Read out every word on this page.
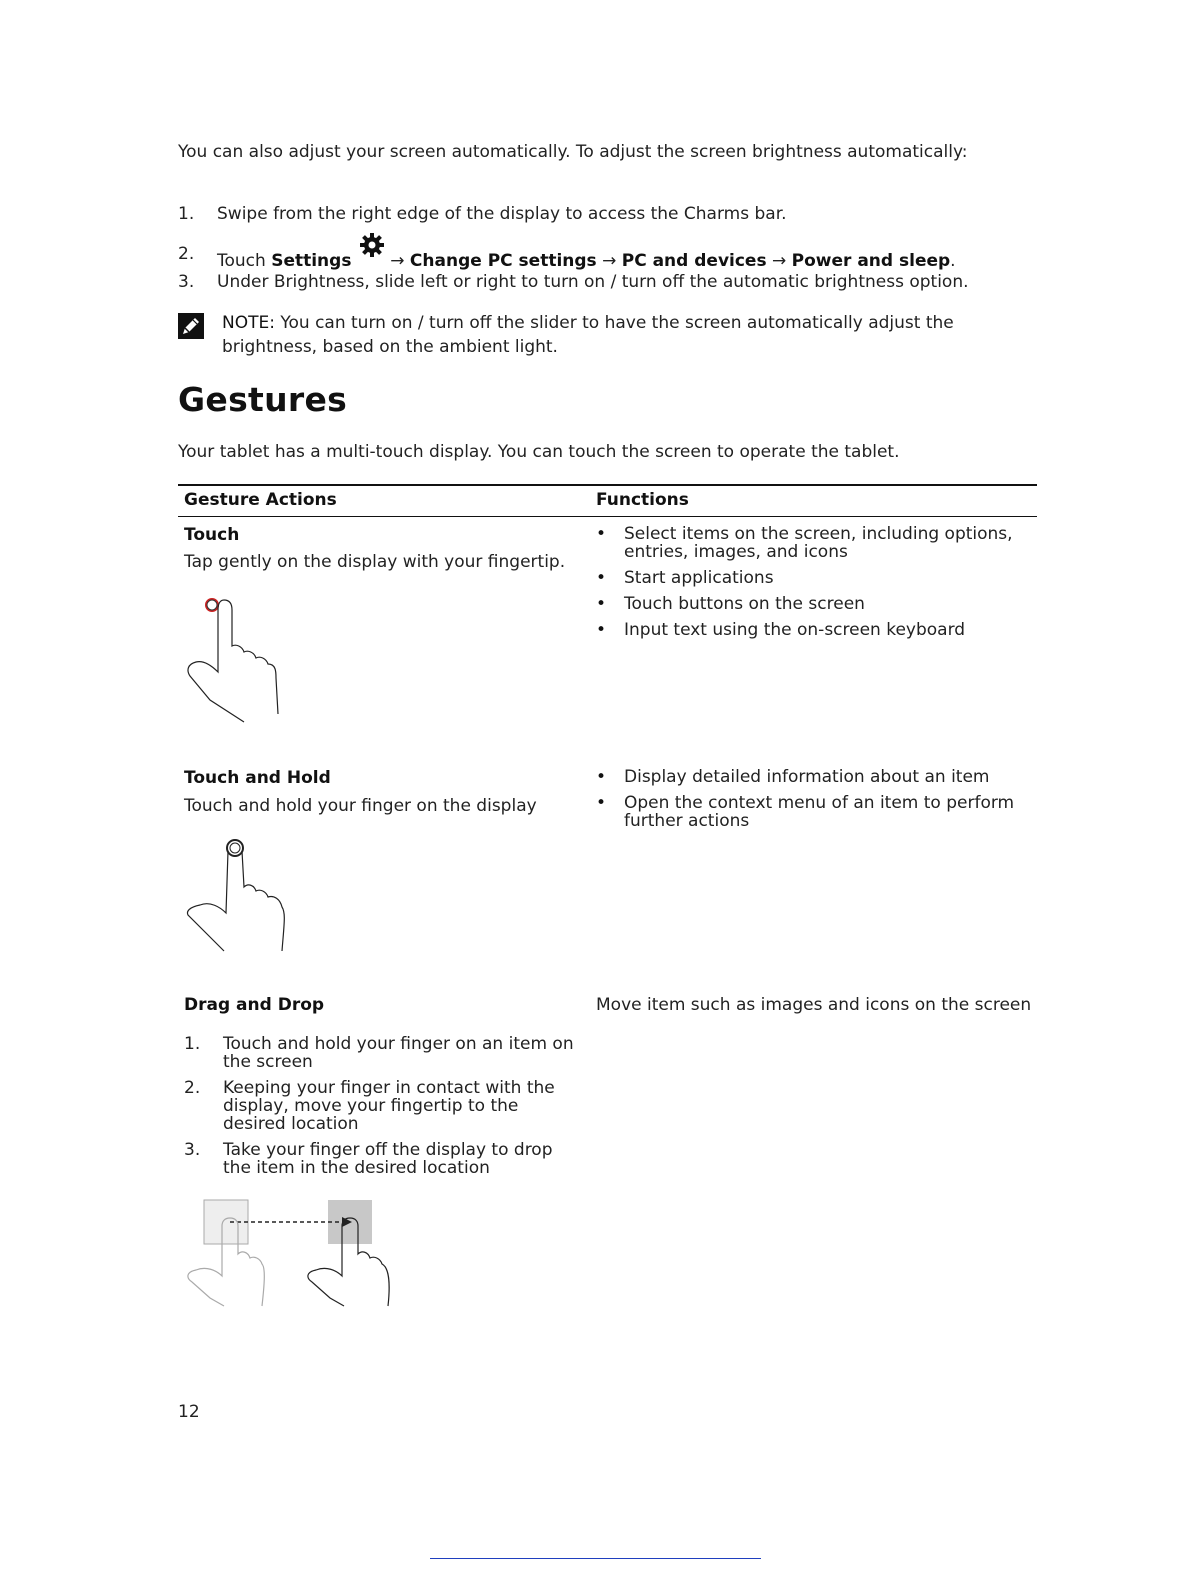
You can also adjust your screen automatically. To adjust the screen brightness automatically:
1. Swipe from the right edge of the display to access the Charms bar.
2. Touch Settings → Change PC settings → PC and devices → Power and sleep.
3. Under Brightness, slide left or right to turn on / turn off the automatic brightness option.
NOTE: You can turn on / turn off the slider to have the screen automatically adjust the brightness, based on the ambient light.
Gestures
Your tablet has a multi-touch display. You can touch the screen to operate the tablet.
Gesture Actions	Functions
Touch
Tap gently on the display with your fingertip.
• Select items on the screen, including options, entries, images, and icons
• Start applications
• Touch buttons on the screen
• Input text using the on-screen keyboard
Touch and Hold
Touch and hold your finger on the display
• Display detailed information about an item
• Open the context menu of an item to perform further actions
Drag and Drop	Move item such as images and icons on the screen
1. Touch and hold your finger on an item on the screen
2. Keeping your finger in contact with the display, move your fingertip to the desired location
3. Take your finger off the display to drop the item in the desired location
12
